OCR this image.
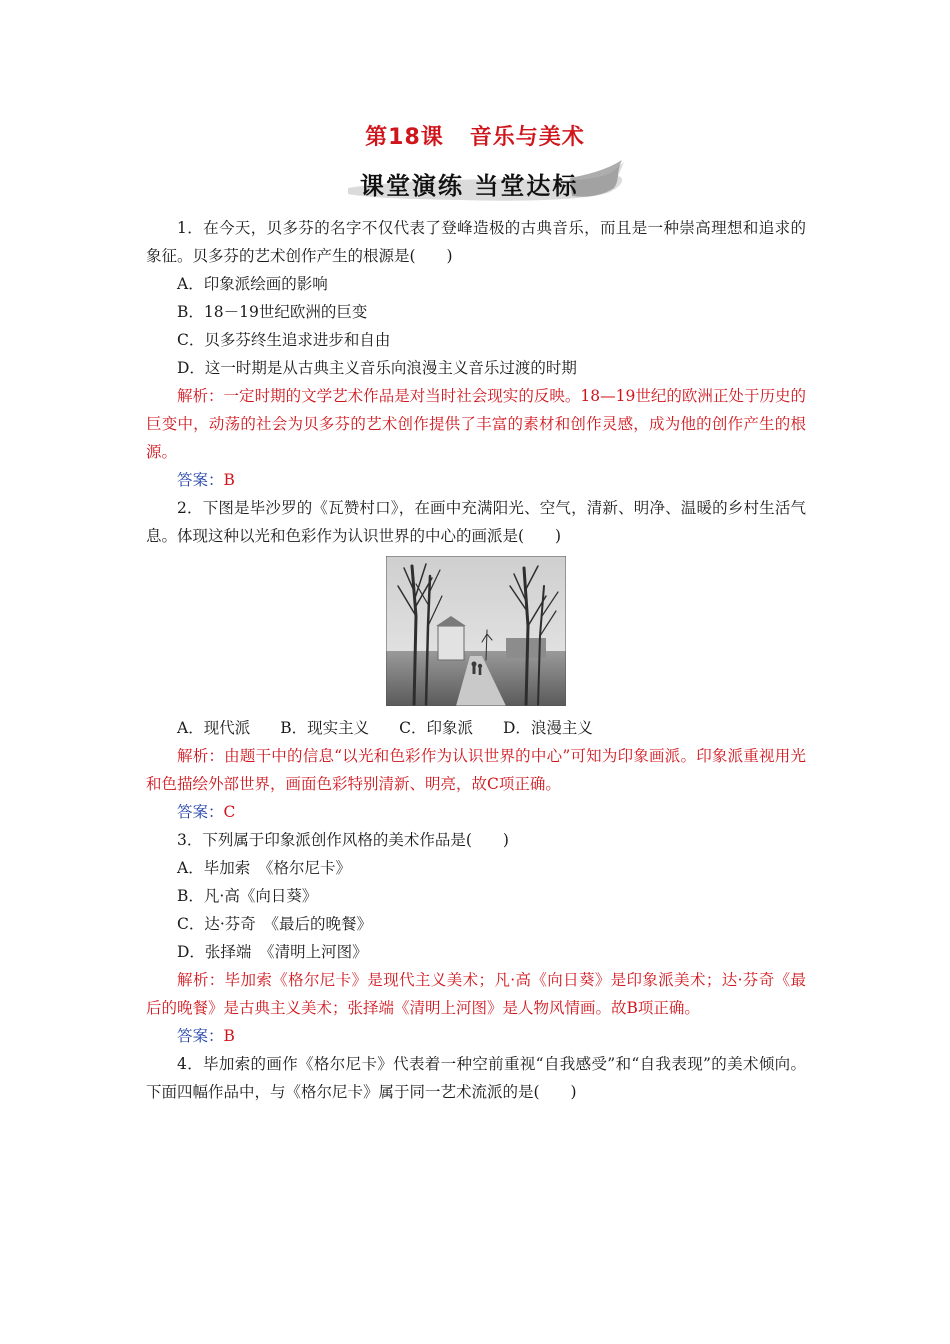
第18课 音乐与美术
课堂演练 当堂达标

1．在今天，贝多芬的名字不仅代表了登峰造极的古典音乐，而且是一种崇高理想和追求的象征。贝多芬的艺术创作产生的根源是(　　)

A．印象派绘画的影响

B．18－19世纪欧洲的巨变

C．贝多芬终生追求进步和自由

D．这一时期是从古典主义音乐向浪漫主义音乐过渡的时期

解析：一定时期的文学艺术作品是对当时社会现实的反映。18—19世纪的欧洲正处于历史的巨变中，动荡的社会为贝多芬的艺术创作提供了丰富的素材和创作灵感，成为他的创作产生的根源。

答案：B

2．下图是毕沙罗的《瓦赞村口》，在画中充满阳光、空气，清新、明净、温暖的乡村生活气息。体现这种以光和色彩作为认识世界的中心的画派是(　　)

A．现代派 B．现实主义 C．印象派 D．浪漫主义

解析：由题干中的信息“以光和色彩作为认识世界的中心”可知为印象画派。印象派重视用光和色描绘外部世界，画面色彩特别清新、明亮，故C项正确。

答案：C

3．下列属于印象派创作风格的美术作品是(　　)

A．毕加索　《格尔尼卡》

B．凡·高《向日葵》

C．达·芬奇　《最后的晚餐》

D．张择端　《清明上河图》

解析：毕加索《格尔尼卡》是现代主义美术；凡·高《向日葵》是印象派美术；达·芬奇《最后的晚餐》是古典主义美术；张择端《清明上河图》是人物风情画。故B项正确。

答案：B

4．毕加索的画作《格尔尼卡》代表着一种空前重视“自我感受”和“自我表现”的美术倾向。下面四幅作品中，与《格尔尼卡》属于同一艺术流派的是(　　)
